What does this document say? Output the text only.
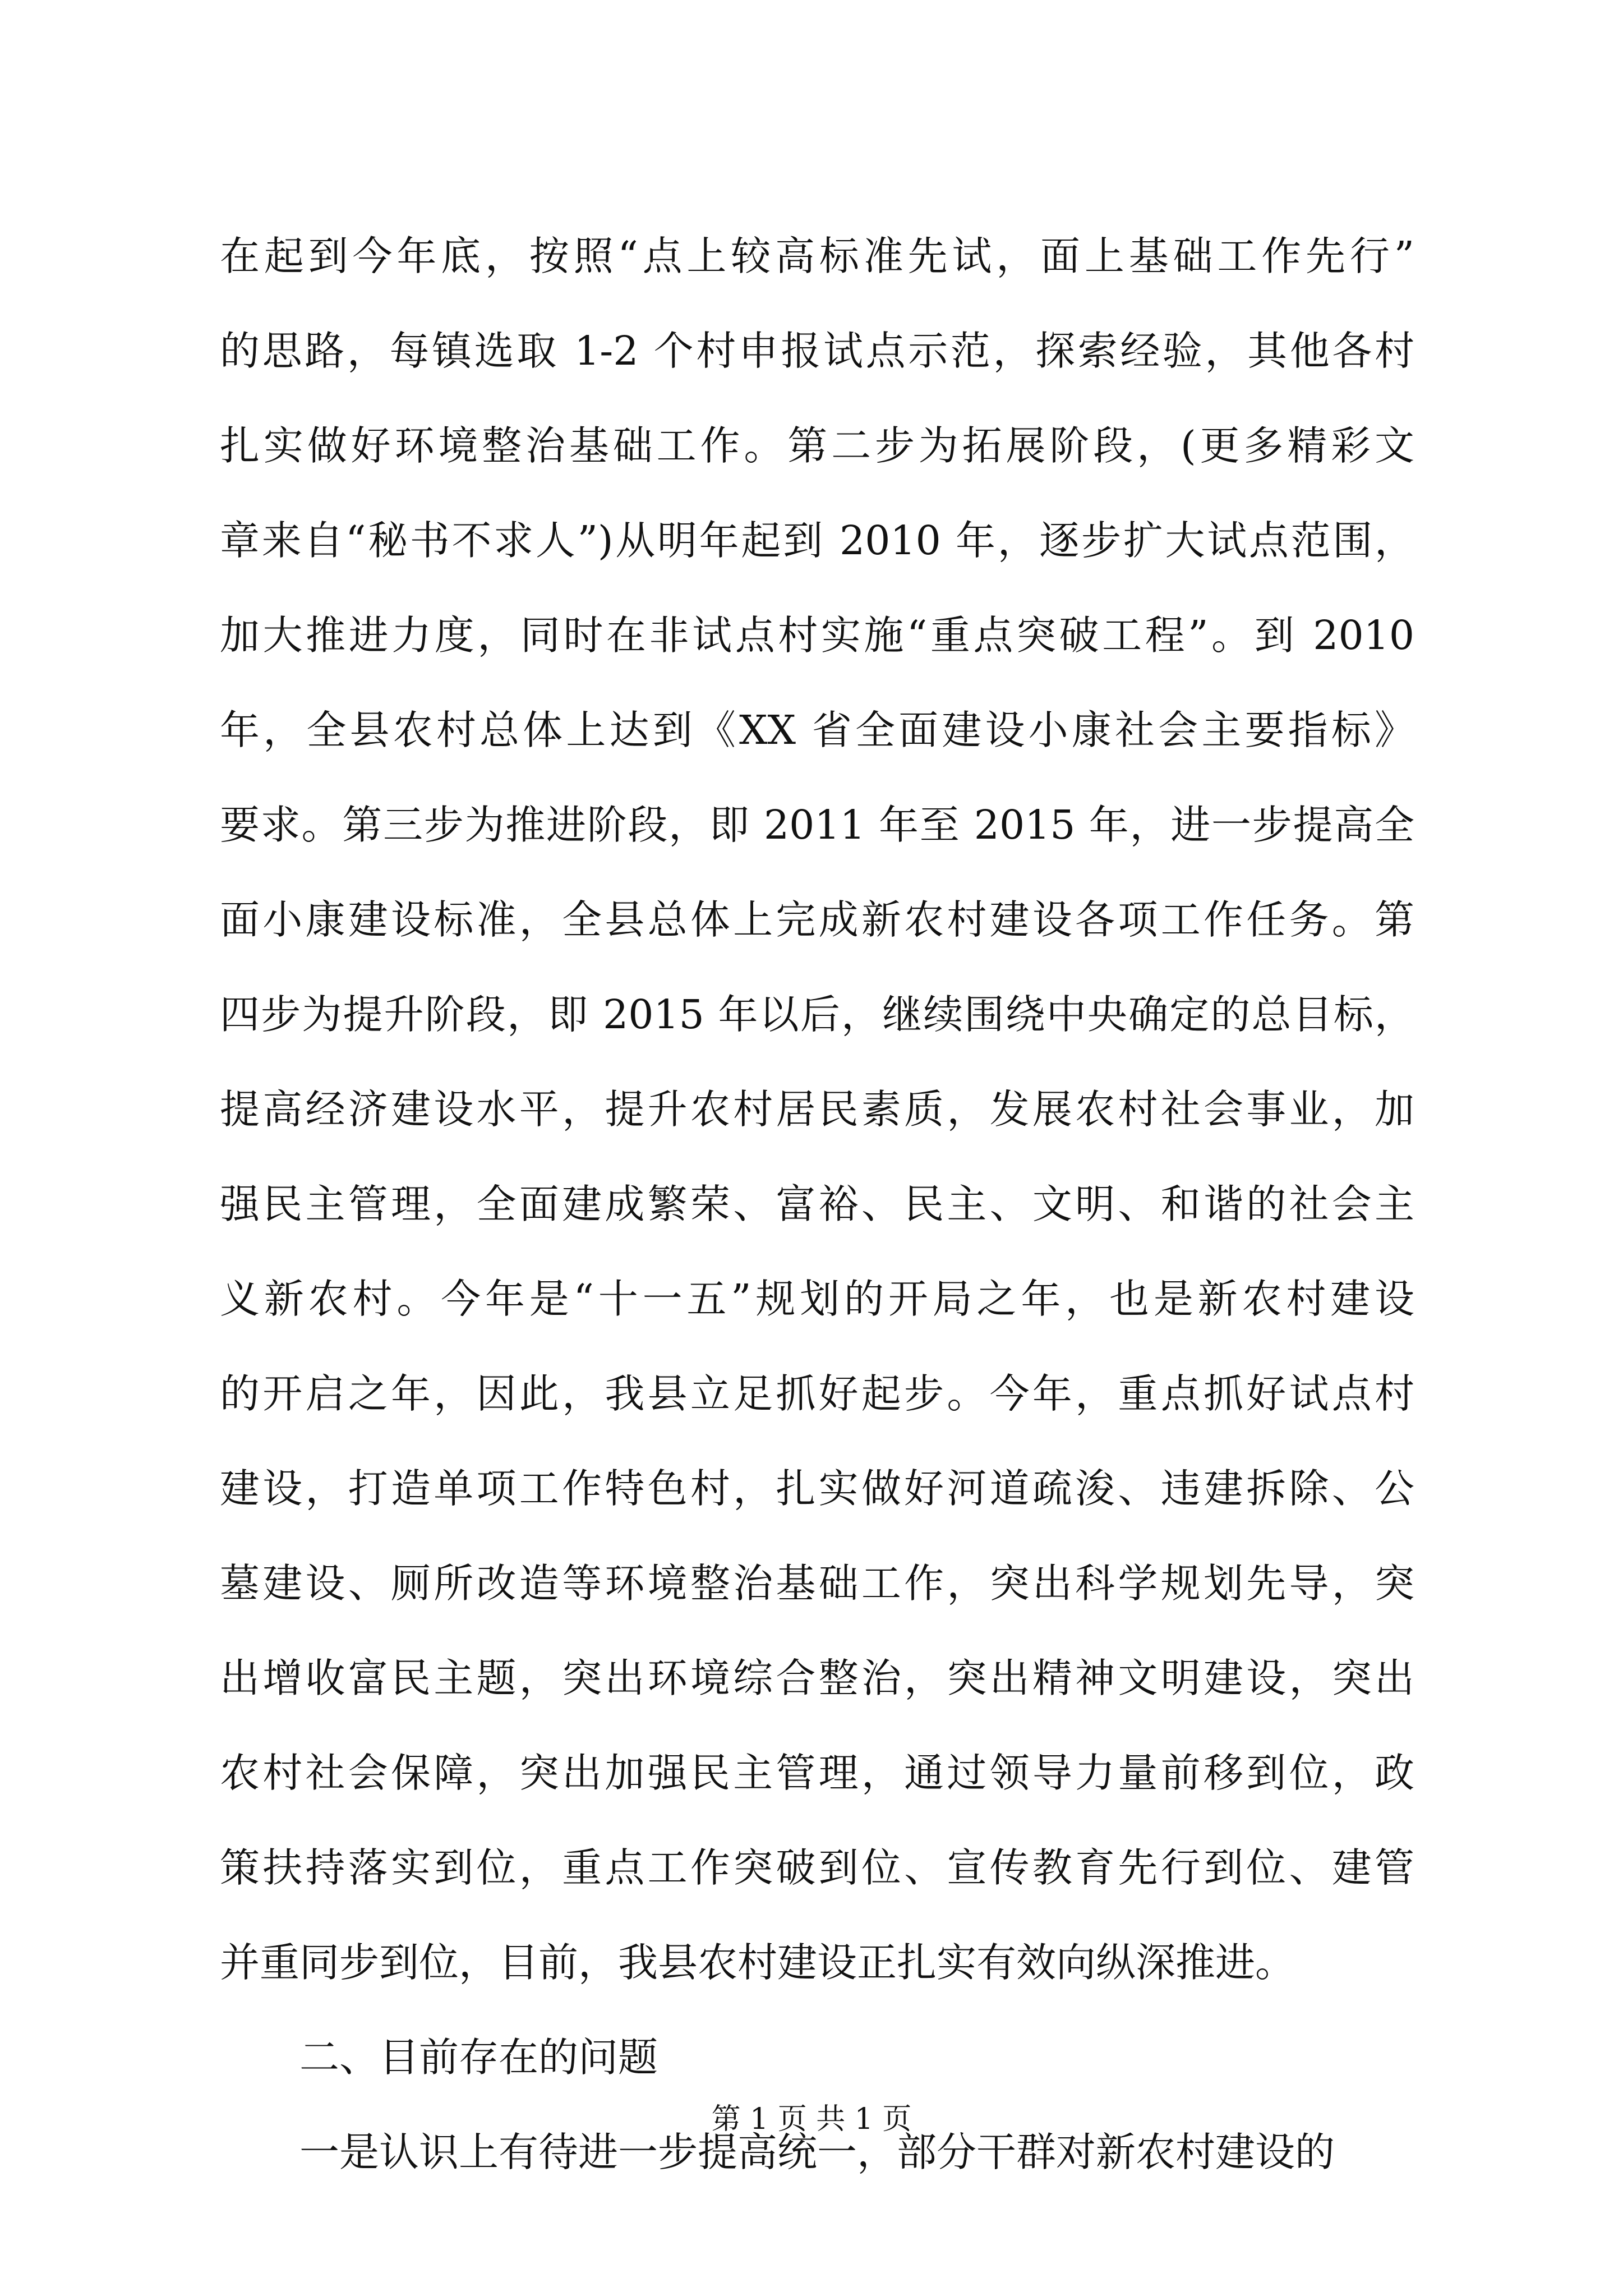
在起到今年底，按照“点上较高标准先试，面上基础工作先行”
的思路，每镇选取 1-2 个村申报试点示范，探索经验，其他各村
扎实做好环境整治基础工作。第二步为拓展阶段，(更多精彩文
章来自“秘书不求人”)从明年起到 2010 年，逐步扩大试点范围，
加大推进力度，同时在非试点村实施“重点突破工程”。到 2010
年，全县农村总体上达到《XX 省全面建设小康社会主要指标》
要求。第三步为推进阶段，即 2011 年至 2015 年，进一步提高全
面小康建设标准，全县总体上完成新农村建设各项工作任务。第
四步为提升阶段，即 2015 年以后，继续围绕中央确定的总目标，
提高经济建设水平，提升农村居民素质，发展农村社会事业，加
强民主管理，全面建成繁荣、富裕、民主、文明、和谐的社会主
义新农村。今年是“十一五”规划的开局之年，也是新农村建设
的开启之年，因此，我县立足抓好起步。今年，重点抓好试点村
建设，打造单项工作特色村，扎实做好河道疏浚、违建拆除、公
墓建设、厕所改造等环境整治基础工作，突出科学规划先导，突
出增收富民主题，突出环境综合整治，突出精神文明建设，突出
农村社会保障，突出加强民主管理，通过领导力量前移到位，政
策扶持落实到位，重点工作突破到位、宣传教育先行到位、建管
并重同步到位，目前，我县农村建设正扎实有效向纵深推进。
二、目前存在的问题
一是认识上有待进一步提高统一，部分干群对新农村建设的
第 1 页 共 1 页
